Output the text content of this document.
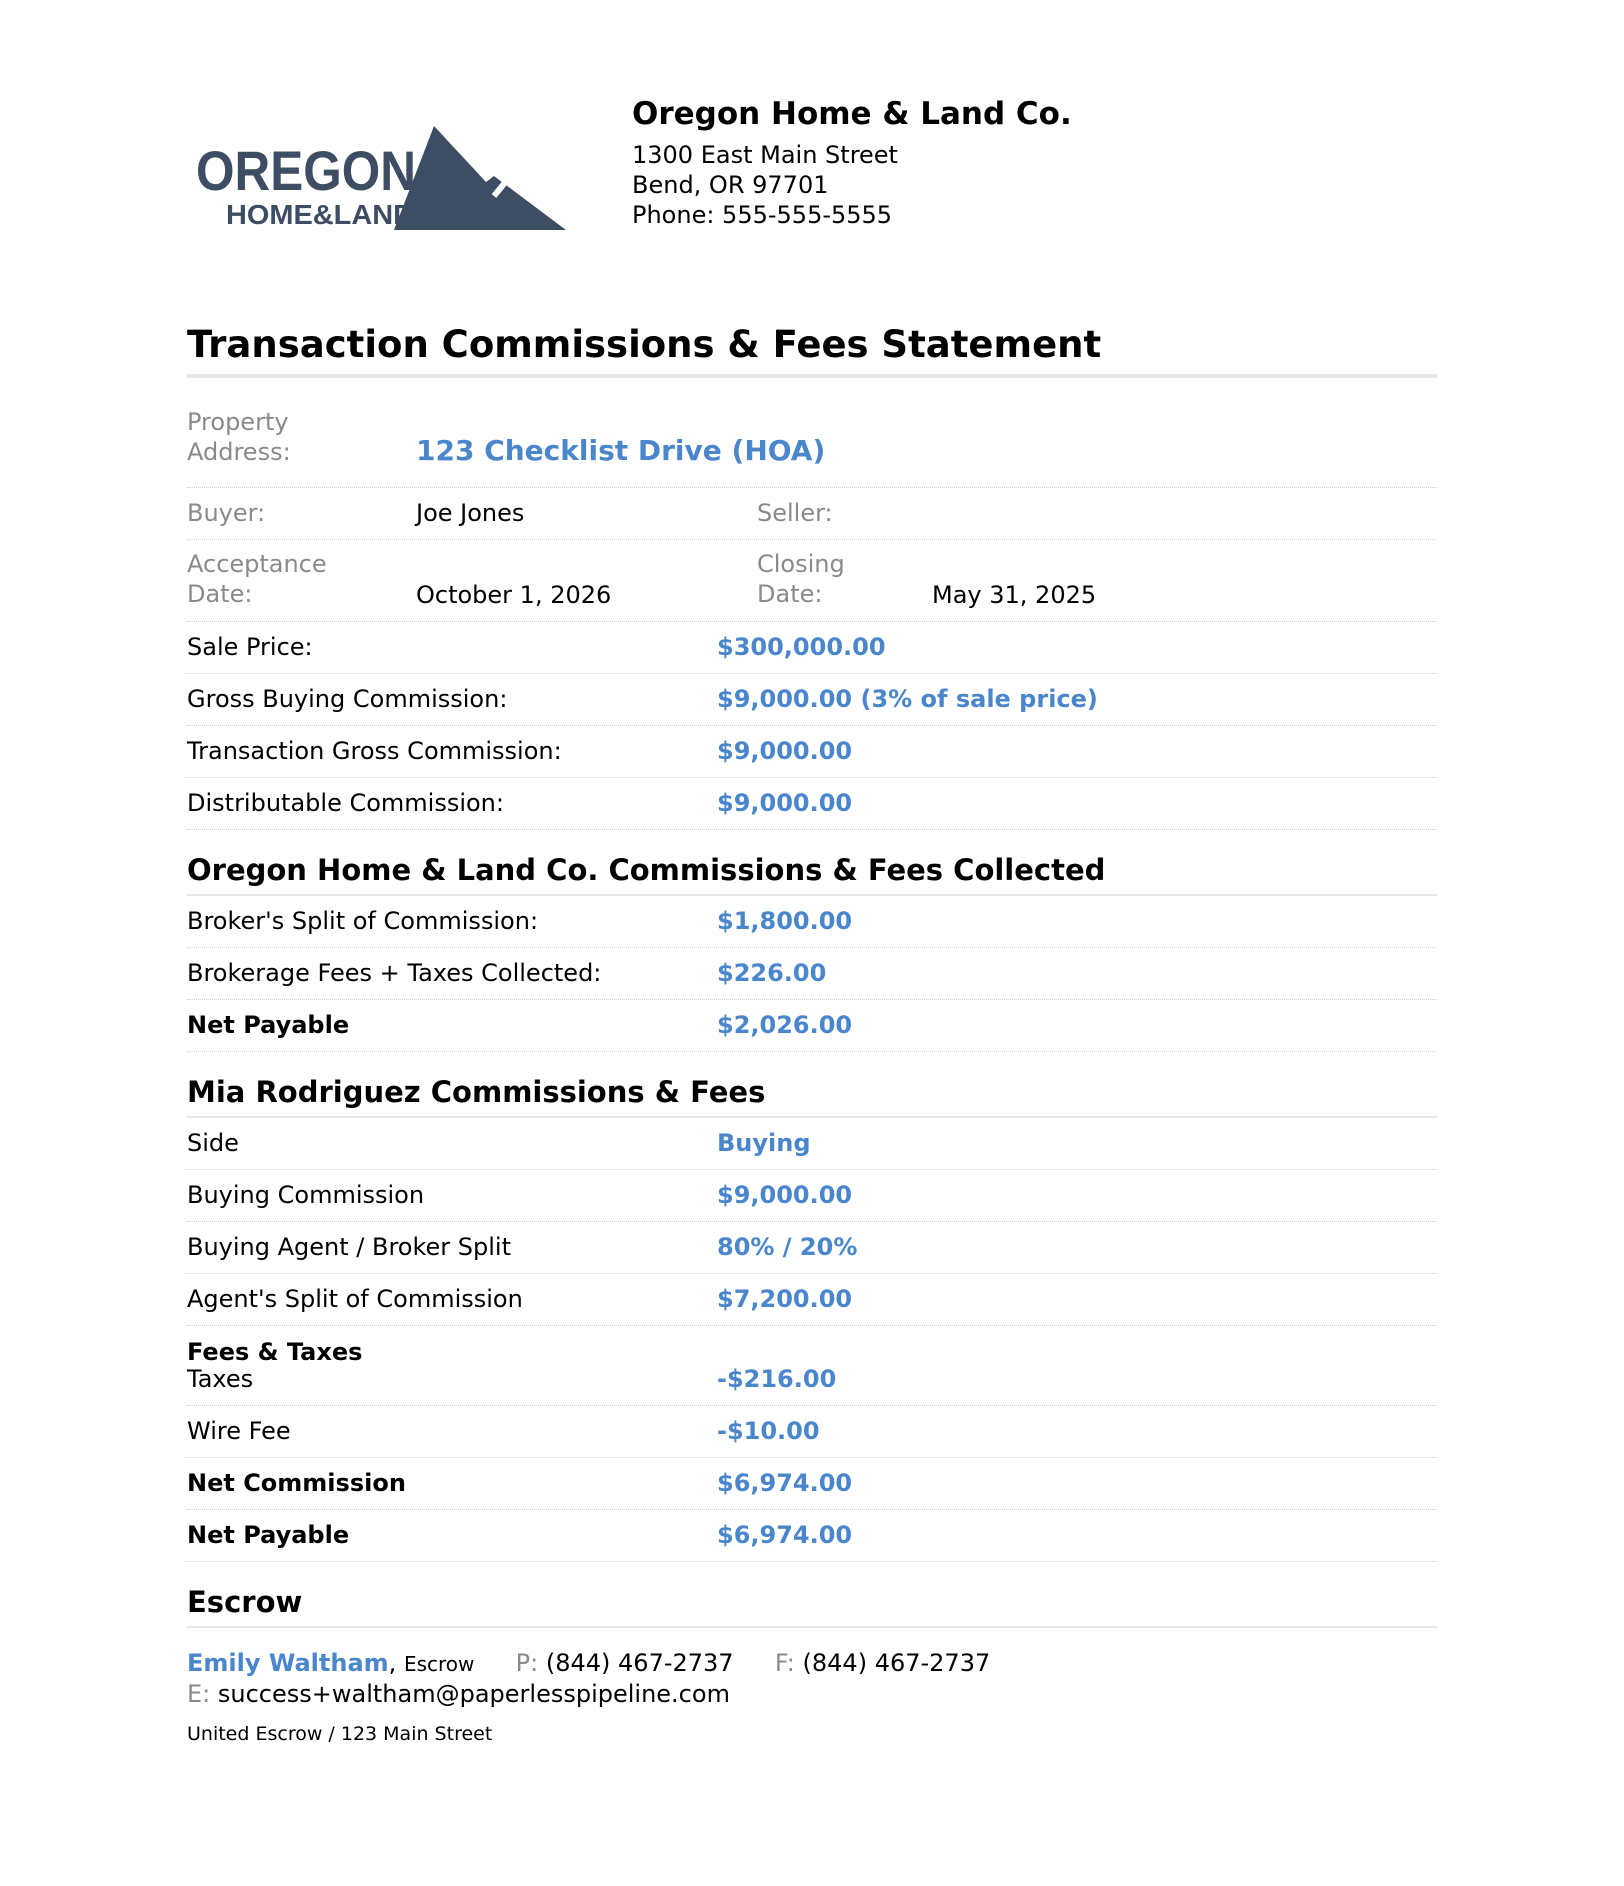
OREGON
HOME&LAND
Oregon Home & Land Co.
1300 East Main Street
Bend, OR 97701
Phone: 555-555-5555
Transaction Commissions & Fees Statement
Property
Address:	123 Checklist Drive (HOA)
Buyer:	Joe Jones	Seller:
Acceptance
Date:	October 1, 2026
Closing
Date:	May 31, 2025
Sale Price:	$300,000.00
Gross Buying Commission:	$9,000.00 (3% of sale price)
Transaction Gross Commission:	$9,000.00
Distributable Commission:	$9,000.00
Oregon Home & Land Co. Commissions & Fees Collected
Broker's Split of Commission:	$1,800.00
Brokerage Fees + Taxes Collected:	$226.00
Net Payable	$2,026.00
Mia Rodriguez Commissions & Fees
Side	Buying
Buying Commission	$9,000.00
Buying Agent / Broker Split	80% / 20%
Agent's Split of Commission	$7,200.00
Fees & Taxes
Taxes	-$216.00
Wire Fee	-$10.00
Net Commission	$6,974.00
Net Payable	$6,974.00
Escrow
Emily Waltham, Escrow P: (844) 467-2737 F: (844) 467-2737
E: success+waltham@paperlesspipeline.com
United Escrow / 123 Main Street
